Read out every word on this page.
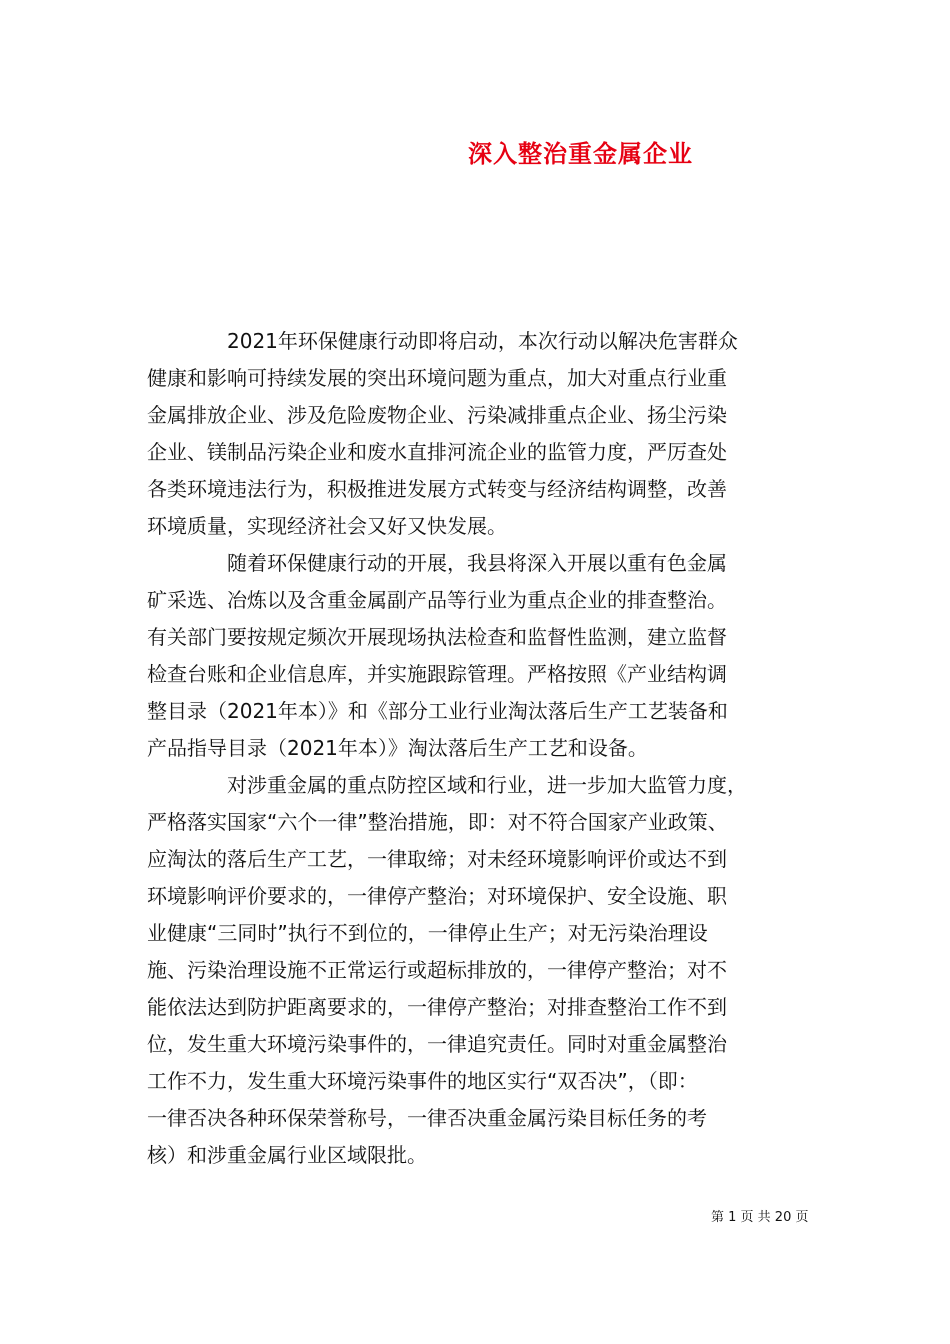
深入整治重金属企业
　　　　2021年环保健康行动即将启动，本次行动以解决危害群众
健康和影响可持续发展的突出环境问题为重点，加大对重点行业重
金属排放企业、涉及危险废物企业、污染减排重点企业、扬尘污染
企业、镁制品污染企业和废水直排河流企业的监管力度，严厉查处
各类环境违法行为，积极推进发展方式转变与经济结构调整，改善
环境质量，实现经济社会又好又快发展。
　　　　随着环保健康行动的开展，我县将深入开展以重有色金属
矿采选、冶炼以及含重金属副产品等行业为重点企业的排查整治。
有关部门要按规定频次开展现场执法检查和监督性监测，建立监督
检查台账和企业信息库，并实施跟踪管理。严格按照《产业结构调
整目录（2021年本）》和《部分工业行业淘汰落后生产工艺装备和
产品指导目录（2021年本）》淘汰落后生产工艺和设备。
　　　　对涉重金属的重点防控区域和行业，进一步加大监管力度，
严格落实国家“六个一律”整治措施，即：对不符合国家产业政策、
应淘汰的落后生产工艺，一律取缔；对未经环境影响评价或达不到
环境影响评价要求的，一律停产整治；对环境保护、安全设施、职
业健康“三同时”执行不到位的，一律停止生产；对无污染治理设
施、污染治理设施不正常运行或超标排放的，一律停产整治；对不
能依法达到防护距离要求的，一律停产整治；对排查整治工作不到
位，发生重大环境污染事件的，一律追究责任。同时对重金属整治
工作不力，发生重大环境污染事件的地区实行“双否决”，（即：
一律否决各种环保荣誉称号，一律否决重金属污染目标任务的考
核）和涉重金属行业区域限批。
第 1 页 共 20 页
